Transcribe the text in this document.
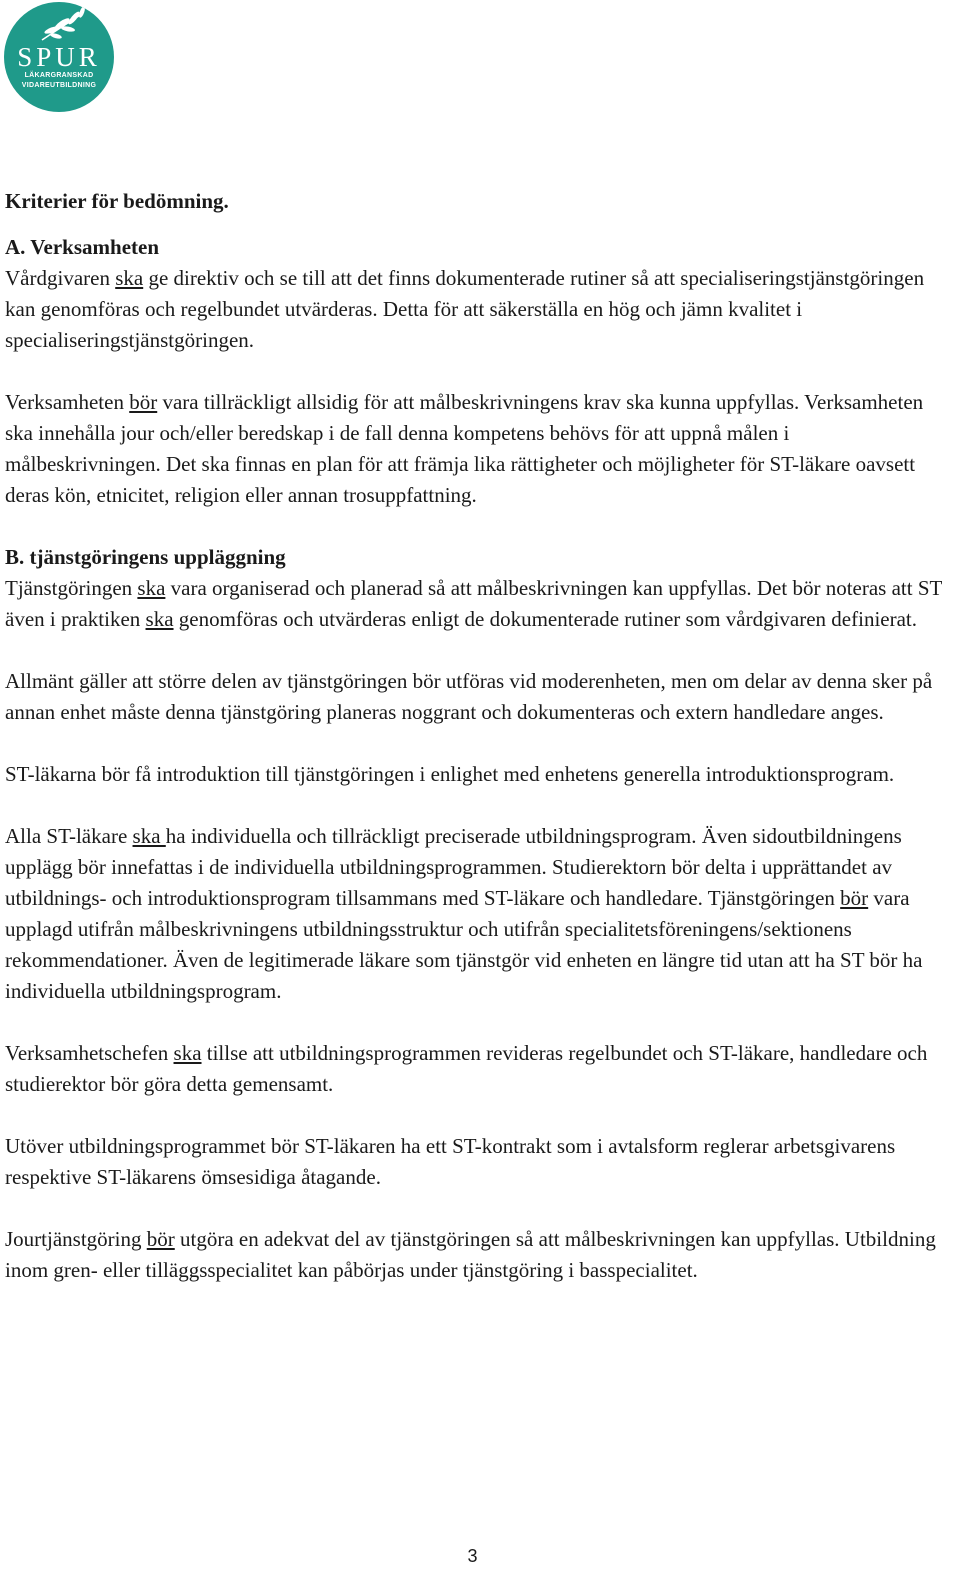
SPUR
LÄKARGRANSKAD
VIDAREUTBILDNING

Kriterier för bedömning.

A. Verksamheten

Vårdgivaren ska ge direktiv och se till att det finns dokumenterade rutiner så att specialiseringstjänstgöringen kan genomföras och regelbundet utvärderas. Detta för att säkerställa en hög och jämn kvalitet i specialiseringstjänstgöringen.

Verksamheten bör vara tillräckligt allsidig för att målbeskrivningens krav ska kunna uppfyllas. Verksamheten ska innehålla jour och/eller beredskap i de fall denna kompetens behövs för att uppnå målen i målbeskrivningen. Det ska finnas en plan för att främja lika rättigheter och möjligheter för ST-läkare oavsett deras kön, etnicitet, religion eller annan trosuppfattning.

B. tjänstgöringens uppläggning

Tjänstgöringen ska vara organiserad och planerad så att målbeskrivningen kan uppfyllas. Det bör noteras att ST även i praktiken ska genomföras och utvärderas enligt de dokumenterade rutiner som vårdgivaren definierat.

Allmänt gäller att större delen av tjänstgöringen bör utföras vid moderenheten, men om delar av denna sker på annan enhet måste denna tjänstgöring planeras noggrant och dokumenteras och extern handledare anges.

ST-läkarna bör få introduktion till tjänstgöringen i enlighet med enhetens generella introduktionsprogram.

Alla ST-läkare ska ha individuella och tillräckligt preciserade utbildningsprogram. Även sidoutbildningens upplägg bör innefattas i de individuella utbildningsprogrammen. Studierektorn bör delta i upprättandet av utbildnings- och introduktionsprogram tillsammans med ST-läkare och handledare. Tjänstgöringen bör vara upplagd utifrån målbeskrivningens utbildningsstruktur och utifrån specialitetsföreningens/sektionens rekommendationer. Även de legitimerade läkare som tjänstgör vid enheten en längre tid utan att ha ST bör ha individuella utbildningsprogram.

Verksamhetschefen ska tillse att utbildningsprogrammen revideras regelbundet och ST-läkare, handledare och studierektor bör göra detta gemensamt.

Utöver utbildningsprogrammet bör ST-läkaren ha ett ST-kontrakt som i avtalsform reglerar arbetsgivarens respektive ST-läkarens ömsesidiga åtagande.

Jourtjänstgöring bör utgöra en adekvat del av tjänstgöringen så att målbeskrivningen kan uppfyllas. Utbildning inom gren- eller tilläggsspecialitet kan påbörjas under tjänstgöring i basspecialitet.

3
